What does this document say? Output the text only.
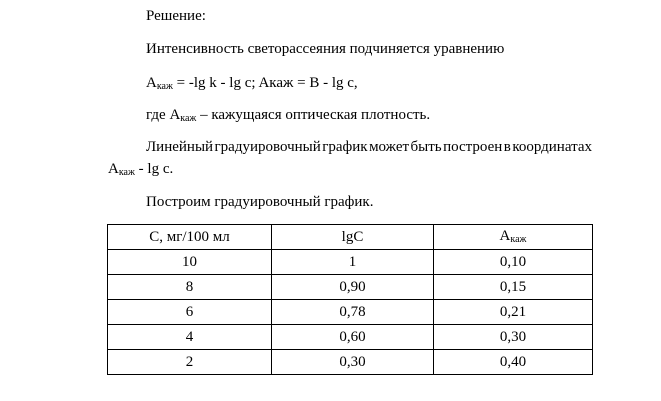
Решение:
Интенсивность светорассеяния подчиняется уравнению
Акаж = -lg k - lg c; Aкаж = B - lg c,
где Акаж – кажущаяся оптическая плотность.
Линейный градуировочный график может быть построен в координатах
Акаж - lg c.
Построим градуировочный график.
С, мг/100 мл	lgC	Акаж
10	1	0,10
8	0,90	0,15
6	0,78	0,21
4	0,60	0,30
2	0,30	0,40
